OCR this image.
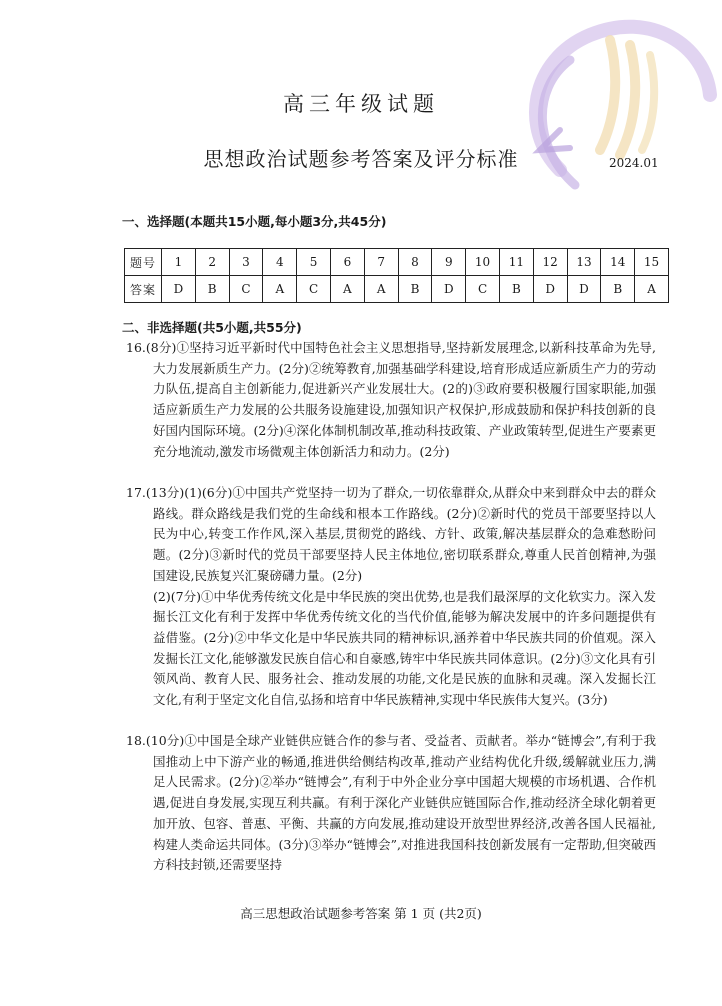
高三年级试题
思想政治试题参考答案及评分标准	2024.01
一、选择题(本题共15小题,每小题3分,共45分)
题号	1	2	3	4	5	6	7	8	9	10	11	12	13	14	15
答案	D	B	C	A	C	A	A	B	D	C	B	D	D	B	A
二、非选择题(共5小题,共55分)

16.(8分)①坚持习近平新时代中国特色社会主义思想指导,坚持新发展理念,以新科技革命为先导,大力发展新质生产力。(2分)②统筹教育,加强基础学科建设,培育形成适应新质生产力的劳动力队伍,提高自主创新能力,促进新兴产业发展壮大。(2的)③政府要积极履行国家职能,加强适应新质生产力发展的公共服务设施建设,加强知识产权保护,形成鼓励和保护科技创新的良好国内国际环境。(2分)④深化体制机制改革,推动科技政策、产业政策转型,促进生产要素更充分地流动,激发市场微观主体创新活力和动力。(2分)

17.(13分)(1)(6分)①中国共产党坚持一切为了群众,一切依靠群众,从群众中来到群众中去的群众路线。群众路线是我们党的生命线和根本工作路线。(2分)②新时代的党员干部要坚持以人民为中心,转变工作作风,深入基层,贯彻党的路线、方针、政策,解决基层群众的急难愁盼问题。(2分)③新时代的党员干部要坚持人民主体地位,密切联系群众,尊重人民首创精神,为强国建设,民族复兴汇聚磅礴力量。(2分)

(2)(7分)①中华优秀传统文化是中华民族的突出优势,也是我们最深厚的文化软实力。深入发掘长江文化有利于发挥中华优秀传统文化的当代价值,能够为解决发展中的许多问题提供有益借鉴。(2分)②中华文化是中华民族共同的精神标识,涵养着中华民族共同的价值观。深入发掘长江文化,能够激发民族自信心和自豪感,铸牢中华民族共同体意识。(2分)③文化具有引领风尚、教育人民、服务社会、推动发展的功能,文化是民族的血脉和灵魂。深入发掘长江文化,有利于坚定文化自信,弘扬和培育中华民族精神,实现中华民族伟大复兴。(3分)

18.(10分)①中国是全球产业链供应链合作的参与者、受益者、贡献者。举办“链博会”,有利于我国推动上中下游产业的畅通,推进供给侧结构改革,推动产业结构优化升级,缓解就业压力,满足人民需求。(2分)②举办“链博会”,有利于中外企业分享中国超大规模的市场机遇、合作机遇,促进自身发展,实现互利共赢。有利于深化产业链供应链国际合作,推动经济全球化朝着更加开放、包容、普惠、平衡、共赢的方向发展,推动建设开放型世界经济,改善各国人民福祉,构建人类命运共同体。(3分)③举办“链博会”,对推进我国科技创新发展有一定帮助,但突破西方科技封锁,还需要坚持

高三思想政治试题参考答案 第 1 页 (共2页)
